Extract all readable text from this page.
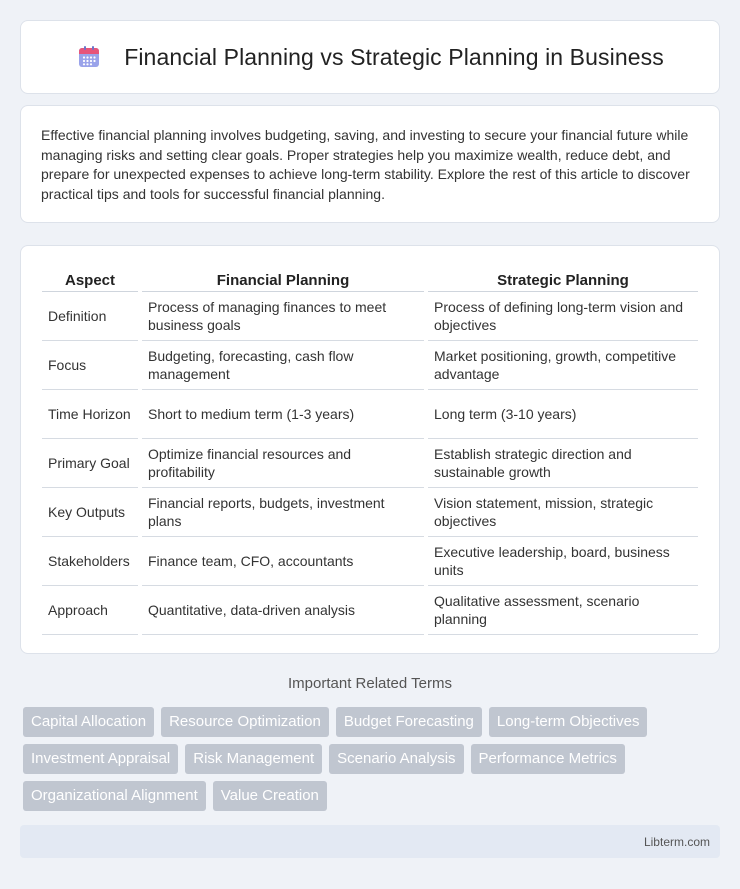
Financial Planning vs Strategic Planning in Business

Effective financial planning involves budgeting, saving, and investing to secure your financial future while managing risks and setting clear goals. Proper strategies help you maximize wealth, reduce debt, and prepare for unexpected expenses to achieve long-term stability. Explore the rest of this article to discover practical tips and tools for successful financial planning.

Aspect	Financial Planning	Strategic Planning
Definition	Process of managing finances to meet business goals	Process of defining long-term vision and objectives
Focus	Budgeting, forecasting, cash flow management	Market positioning, growth, competitive advantage
Time Horizon	Short to medium term (1-3 years)	Long term (3-10 years)
Primary Goal	Optimize financial resources and profitability	Establish strategic direction and sustainable growth
Key Outputs	Financial reports, budgets, investment plans	Vision statement, mission, strategic objectives
Stakeholders	Finance team, CFO, accountants	Executive leadership, board, business units
Approach	Quantitative, data-driven analysis	Qualitative assessment, scenario planning
Important Related Terms
Capital Allocation	Resource Optimization	Budget Forecasting	Long-term Objectives
Investment Appraisal	Risk Management	Scenario Analysis	Performance Metrics
Organizational Alignment	Value Creation
Libterm.com
